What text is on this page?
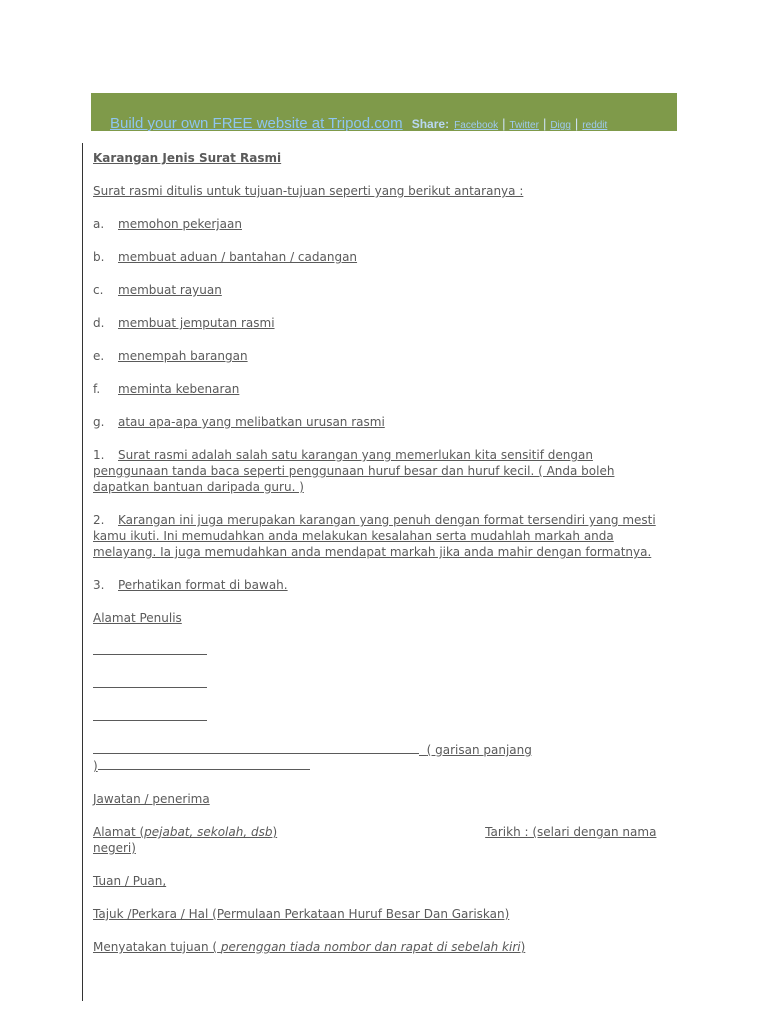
Build your own FREE website at Tripod.com Share: Facebook | Twitter | Digg | reddit

Karangan Jenis Surat Rasmi

Surat rasmi ditulis untuk tujuan-tujuan seperti yang berikut antaranya :

a. memohon pekerjaan

b. membuat aduan / bantahan / cadangan

c. membuat rayuan

d. membuat jemputan rasmi

e. menempah barangan

f. meminta kebenaran

g. atau apa-apa yang melibatkan urusan rasmi

1. Surat rasmi adalah salah satu karangan yang memerlukan kita sensitif dengan penggunaan tanda baca seperti penggunaan huruf besar dan huruf kecil. ( Anda boleh dapatkan bantuan daripada guru. )

2. Karangan ini juga merupakan karangan yang penuh dengan format tersendiri yang mesti kamu ikuti. Ini memudahkan anda melakukan kesalahan serta mudahlah markah anda melayang. Ia juga memudahkan anda mendapat markah jika anda mahir dengan formatnya.

3. Perhatikan format di bawah.

Alamat Penulis

( garisan panjang
)

Jawatan / penerima

Alamat (pejabat, sekolah, dsb)	Tarikh : (selari dengan nama negeri)

Tuan / Puan,

Tajuk /Perkara / Hal (Permulaan Perkataan Huruf Besar Dan Gariskan)

Menyatakan tujuan ( perenggan tiada nombor dan rapat di sebelah kiri)
